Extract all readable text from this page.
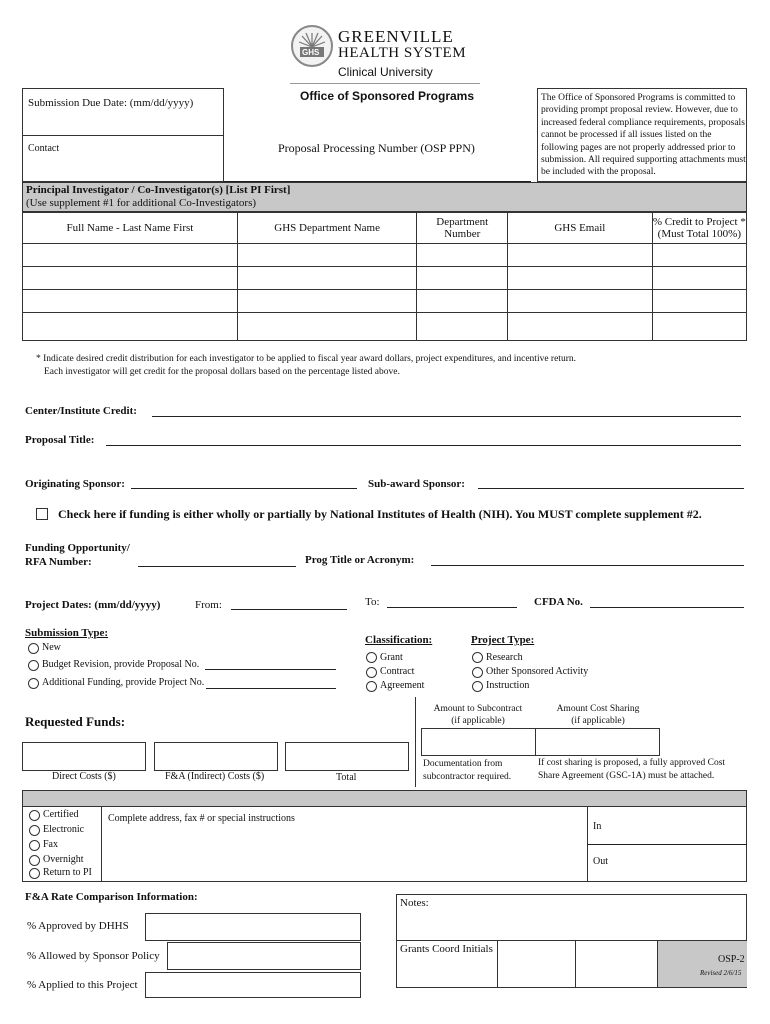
GHS
GREENVILLE
HEALTH SYSTEM
Clinical University
Office of Sponsored Programs
Submission Due Date: (mm/dd/yyyy)
Contact	Proposal Processing Number (OSP PPN)
The Office of Sponsored Programs is committed to providing prompt proposal review. However, due to increased federal compliance requirements, proposals cannot be processed if all issues listed on the following pages are not properly addressed prior to submission. All required supporting attachments must be included with the proposal.
Principal Investigator / Co-Investigator(s) [List PI First]
(Use supplement #1 for additional Co-Investigators)
Full Name - Last Name First	GHS Department Name	Department Number	GHS Email	% Credit to Project *
(Must Total 100%)

* Indicate desired credit distribution for each investigator to be applied to fiscal year award dollars, project expenditures, and incentive return.
Each investigator will get credit for the proposal dollars based on the percentage listed above.
Center/Institute Credit:
Proposal Title:
Originating Sponsor:	Sub-award Sponsor:
Check here if funding is either wholly or partially by National Institutes of Health (NIH). You MUST complete supplement #2.
Funding Opportunity/
RFA Number:	Prog Title or Acronym:
Project Dates: (mm/dd/yyyy)	From:	To:	CFDA No.
Submission Type:
New
Budget Revision, provide Proposal No.
Additional Funding, provide Project No.
Classification:
Grant
Contract
Agreement
Project Type:
Research
Other Sponsored Activity
Instruction
Requested Funds:
Direct Costs ($)	F&A (Indirect) Costs ($)	Total
Amount to Subcontract
(if applicable)
Amount Cost Sharing
(if applicable)
Documentation from
subcontractor required.
If cost sharing is proposed, a fully approved Cost
Share Agreement (GSC-1A) must be attached.
Certified
Electronic
Fax
Overnight
Return to PI
Complete address, fax # or special instructions
In
Out
F&A Rate Comparison Information:
% Approved by DHHS
% Allowed by Sponsor Policy
% Applied to this Project
Notes:
Grants Coord Initials
OSP-2
Revised 2/6/15
